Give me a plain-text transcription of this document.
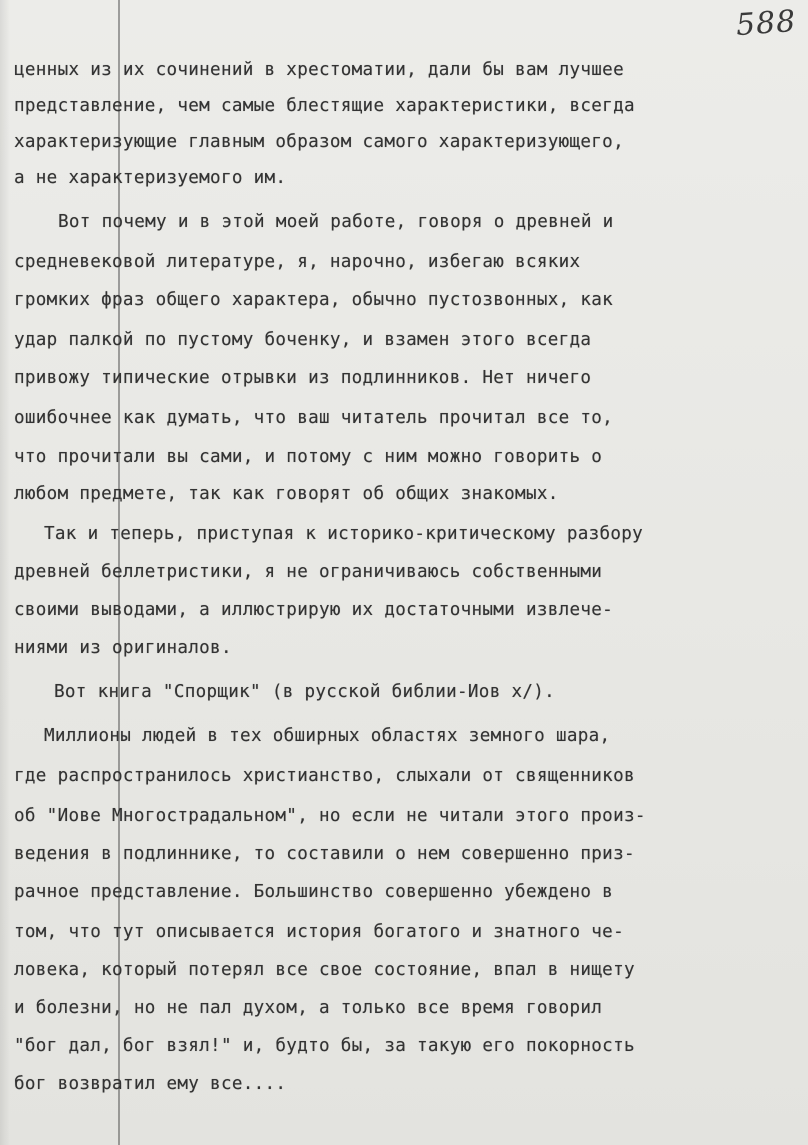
588
ценных из их сочинений в хрестоматии, дали бы вам лучшее
представление, чем самые блестящие характеристики, всегда
характеризующие главным образом самого характеризующего,
а не характеризуемого им.
Вот почему и в этой моей работе, говоря о древней и
средневековой литературе, я, нарочно, избегаю всяких
громких фраз общего характера, обычно пустозвонных, как
удар палкой по пустому боченку, и взамен этого всегда
привожу типические отрывки из подлинников. Нет ничего
ошибочнее как думать, что ваш читатель прочитал все то,
что прочитали вы сами, и потому с ним можно говорить о
любом предмете, так как говорят об общих знакомых.
Так и теперь, приступая к историко-критическому разбору
древней беллетристики, я не ограничиваюсь собственными
своими выводами, а иллюстрирую их достаточными извлече-
ниями из оригиналов.
Вот книга "Спорщик" (в русской библии-Иов х/).
Миллионы людей в тех обширных областях земного шара,
где распространилось христианство, слыхали от священников
об "Иове Многострадальном", но если не читали этого произ-
ведения в подлиннике, то составили о нем совершенно приз-
рачное представление. Большинство совершенно убеждено в
том, что тут описывается история богатого и знатного че-
ловека, который потерял все свое состояние, впал в нищету
и болезни, но не пал духом, а только все время говорил
"бог дал, бог взял!" и, будто бы, за такую его покорность
бог возвратил ему все....
